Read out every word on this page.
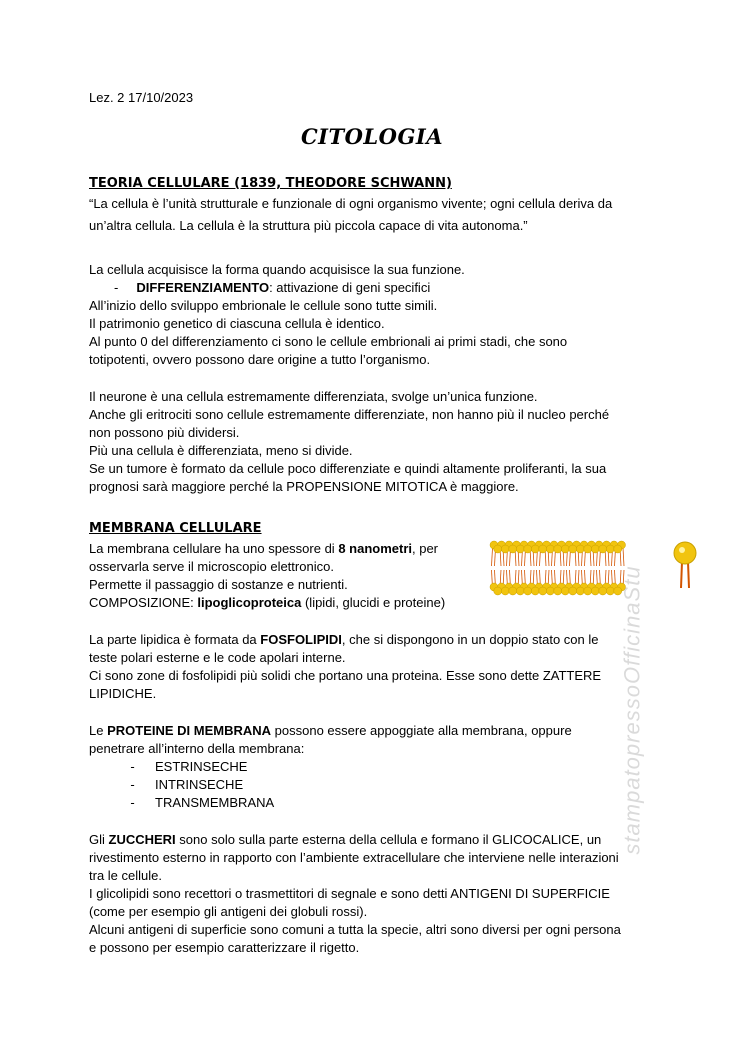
Lez. 2 17/10/2023
CITOLOGIA
TEORIA CELLULARE (1839, THEODORE SCHWANN)
“La cellula è l’unità strutturale e funzionale di ogni organismo vivente; ogni cellula deriva da
un’altra cellula. La cellula è la struttura più piccola capace di vita autonoma.”
La cellula acquisisce la forma quando acquisisce la sua funzione.
- DIFFERENZIAMENTO: attivazione di geni specifici
All’inizio dello sviluppo embrionale le cellule sono tutte simili.
Il patrimonio genetico di ciascuna cellula è identico.
Al punto 0 del differenziamento ci sono le cellule embrionali ai primi stadi, che sono
totipotenti, ovvero possono dare origine a tutto l’organismo.
Il neurone è una cellula estremamente differenziata, svolge un’unica funzione.
Anche gli eritrociti sono cellule estremamente differenziate, non hanno più il nucleo perché
non possono più dividersi.
Più una cellula è differenziata, meno si divide.
Se un tumore è formato da cellule poco differenziate e quindi altamente proliferanti, la sua
prognosi sarà maggiore perché la PROPENSIONE MITOTICA è maggiore.
MEMBRANA CELLULARE
La membrana cellulare ha uno spessore di 8 nanometri, per
osservarla serve il microscopio elettronico.
Permette il passaggio di sostanze e nutrienti.
COMPOSIZIONE: lipoglicoproteica (lipidi, glucidi e proteine)
La parte lipidica è formata da FOSFOLIPIDI, che si dispongono in un doppio stato con le
teste polari esterne e le code apolari interne.
Ci sono zone di fosfolipidi più solidi che portano una proteina. Esse sono dette ZATTERE
LIPIDICHE.
Le PROTEINE DI MEMBRANA possono essere appoggiate alla membrana, oppure
penetrare all’interno della membrana:
- ESTRINSECHE
- INTRINSECHE
- TRANSMEMBRANA
Gli ZUCCHERI sono solo sulla parte esterna della cellula e formano il GLICOCALICE, un
rivestimento esterno in rapporto con l’ambiente extracellulare che interviene nelle interazioni
tra le cellule.
I glicolipidi sono recettori o trasmettitori di segnale e sono detti ANTIGENI DI SUPERFICIE
(come per esempio gli antigeni dei globuli rossi).
Alcuni antigeni di superficie sono comuni a tutta la specie, altri sono diversi per ogni persona
e possono per esempio caratterizzare il rigetto.
stampatopressoOfficinaStu
